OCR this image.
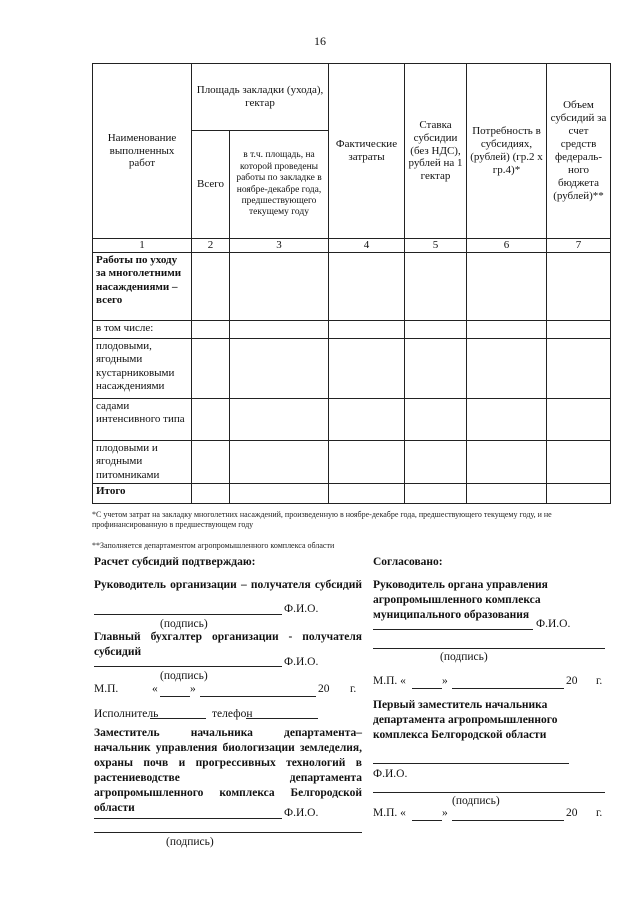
16
Наименование выполненных работ	Площадь закладки (ухода), гектар		Фактические затраты	Ставка субсидии (без НДС), рублей на 1 гектар	Потребность в субсидиях, (рублей) (гр.2 х гр.4)*	Объем субсидий за счет средств федераль-ного бюджета (рублей)**
	Всего	в т.ч. площадь, на которой проведены работы по закладке в ноябре-декабре года, предшествующего текущему году				
1	2	3	4	5	6	7
Работы по уходу за многолетними насаждениями – всего						
в том числе:						
плодовыми, ягодными кустарниковыми насаждениями						
садами интенсивного типа						
плодовыми и ягодными питомниками						
Итого						
*С учетом затрат на закладку многолетних насаждений, произведенную в ноябре-декабре года, предшествующего текущему году, и не профинансированную в предшествующем году
**Заполняется департаментом агропромышленного комплекса области
Расчет субсидий подтверждаю:
Руководитель организации – получателя субсидий
Ф.И.О.
(подпись)
Главный бухгалтер организации - получателя субсидий
Ф.И.О.
(подпись)
М.П.	«	»	20 г.
Исполнитель	телефон
Заместитель начальника департамента– начальник управления биологизации земледелия, охраны почв и прогрессивных технологий в растениеводстве департамента агропромышленного комплекса Белгородской области	Ф.И.О.
(подпись)
Согласовано:
Руководитель органа управления агропромышленного комплекса муниципального образования
Ф.И.О.
(подпись)
М.П. «	»	20 г.
Первый заместитель начальника департамента агропромышленного комплекса Белгородской области
Ф.И.О.
(подпись)
М.П. «	»	20 г.
